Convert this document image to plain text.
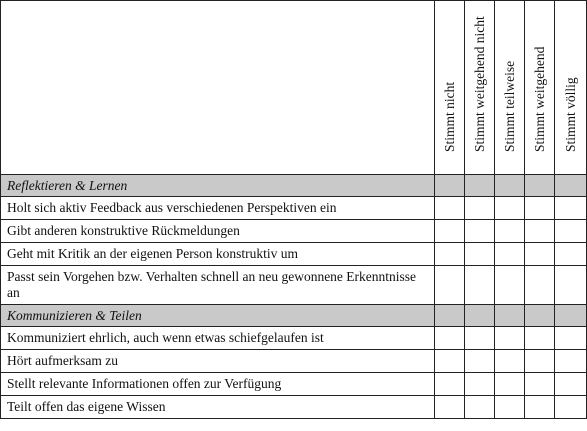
	Stimmt nicht	Stimmt weitgehend nicht	Stimmt teilweise	Stimmt weitgehend	Stimmt völlig

Reflektieren & Lernen					
Holt sich aktiv Feedback aus verschiedenen Perspektiven ein					
Gibt anderen konstruktive Rückmeldungen					
Geht mit Kritik an der eigenen Person konstruktiv um					
Passt sein Vorgehen bzw. Verhalten schnell an neu gewonnene Erkenntnisse an					
Kommunizieren & Teilen					
Kommuniziert ehrlich, auch wenn etwas schiefgelaufen ist					
Hört aufmerksam zu					
Stellt relevante Informationen offen zur Verfügung					
Teilt offen das eigene Wissen					
